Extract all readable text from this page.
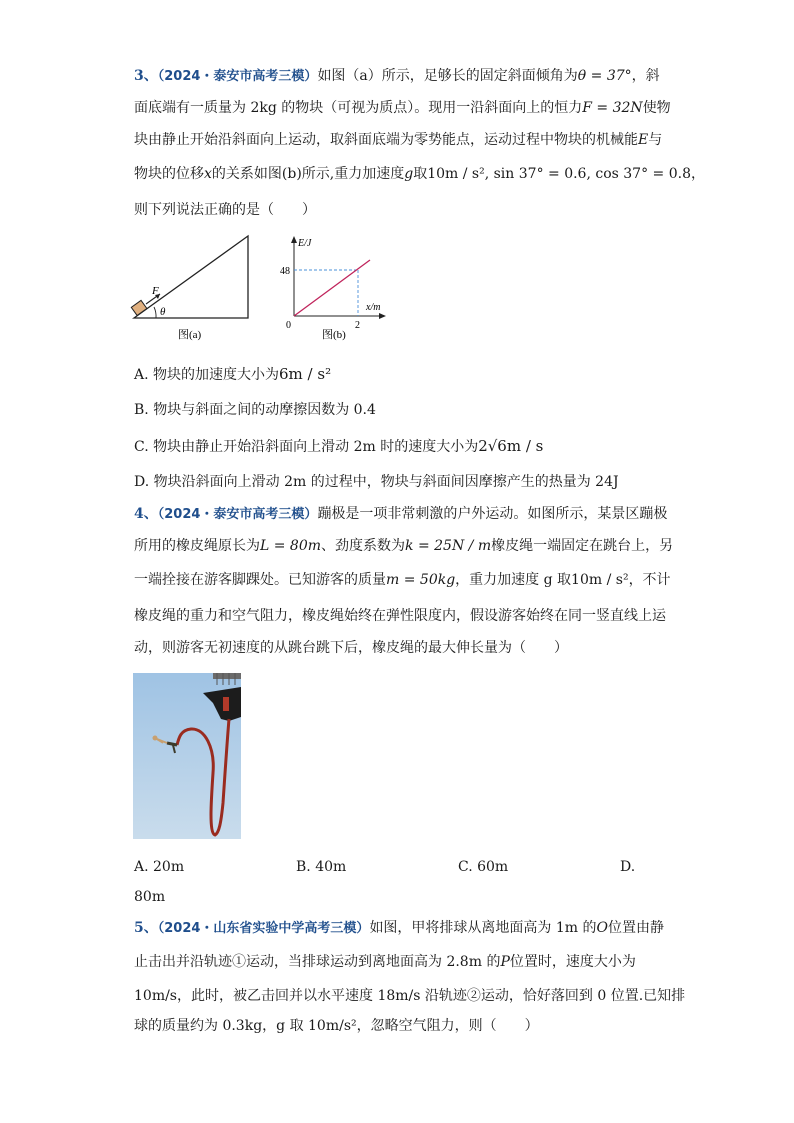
3、（2024・泰安市高考三模）如图（a）所示，足够长的固定斜面倾角为θ = 37°，斜
面底端有一质量为 2kg 的物块（可视为质点）。现用一沿斜面向上的恒力F = 32N使物
块由静止开始沿斜面向上运动，取斜面底端为零势能点，运动过程中物块的机械能E与
物块的位移x的关系如图(b)所示,重力加速度g取10m / s², sin 37° = 0.6, cos 37° = 0.8，
则下列说法正确的是（　　）
F
θ
图(a)
E/J
x/m
48
2
0
图(b)
A. 物块的加速度大小为6m / s²
B. 物块与斜面之间的动摩擦因数为 0.4
C. 物块由静止开始沿斜面向上滑动 2m 时的速度大小为2√6m / s
D. 物块沿斜面向上滑动 2m 的过程中，物块与斜面间因摩擦产生的热量为 24J
4、（2024・泰安市高考三模）蹦极是一项非常刺激的户外运动。如图所示，某景区蹦极
所用的橡皮绳原长为L = 80m、劲度系数为k = 25N / m橡皮绳一端固定在跳台上，另
一端拴接在游客脚踝处。已知游客的质量m = 50kg，重力加速度 g 取10m / s²，不计
橡皮绳的重力和空气阻力，橡皮绳始终在弹性限度内，假设游客始终在同一竖直线上运
动，则游客无初速度的从跳台跳下后，橡皮绳的最大伸长量为（　　）
A. 20m	B. 40m	C. 60m	D.
80m
5、（2024・山东省实验中学高考三模）如图，甲将排球从离地面高为 1m 的O位置由静
止击出并沿轨迹①运动，当排球运动到离地面高为 2.8m 的P位置时，速度大小为
10m/s，此时，被乙击回并以水平速度 18m/s 沿轨迹②运动，恰好落回到 0 位置.已知排
球的质量约为 0.3kg，g 取 10m/s²，忽略空气阻力，则（　　）
